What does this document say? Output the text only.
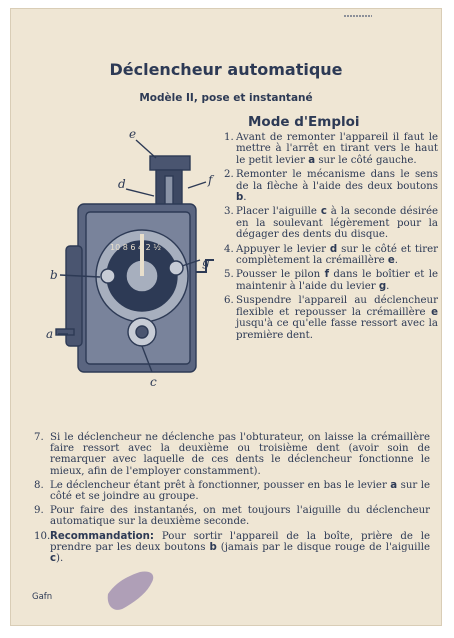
Déclencheur automatique
Modèle II, pose et instantané
Mode d'Emploi
e
d	f
b
g
a
c
10 8 6 4 2 ½
1. Avant de remonter l'appareil il faut le mettre à l'arrêt en tirant vers le haut le petit levier a sur le côté gauche.
2. Remonter le mécanisme dans le sens de la flèche à l'aide des deux boutons b.
3. Placer l'aiguille c à la seconde désirée en la soulevant légèrement pour la dégager des dents du disque.
4. Appuyer le levier d sur le côté et tirer complètement la crémaillère e.
5. Pousser le pilon f dans le boîtier et le maintenir à l'aide du levier g.
6. Suspendre l'appareil au déclencheur flexible et repousser la crémaillère e jusqu'à ce qu'elle fasse ressort avec la première dent.
7. Si le déclencheur ne déclenche pas l'obturateur, on laisse la crémaillère faire ressort avec la deuxième ou troisième dent (avoir soin de remarquer avec laquelle de ces dents le déclencheur fonctionne le mieux, afin de l'employer constamment).
8. Le déclencheur étant prêt à fonctionner, pousser en bas le levier a sur le côté et se joindre au groupe.
9. Pour faire des instantanés, on met toujours l'aiguille du déclencheur automatique sur la deuxième seconde.
10. Recommandation: Pour sortir l'appareil de la boîte, prière de le prendre par les deux boutons b (jamais par le disque rouge de l'aiguille c).
Gafn
